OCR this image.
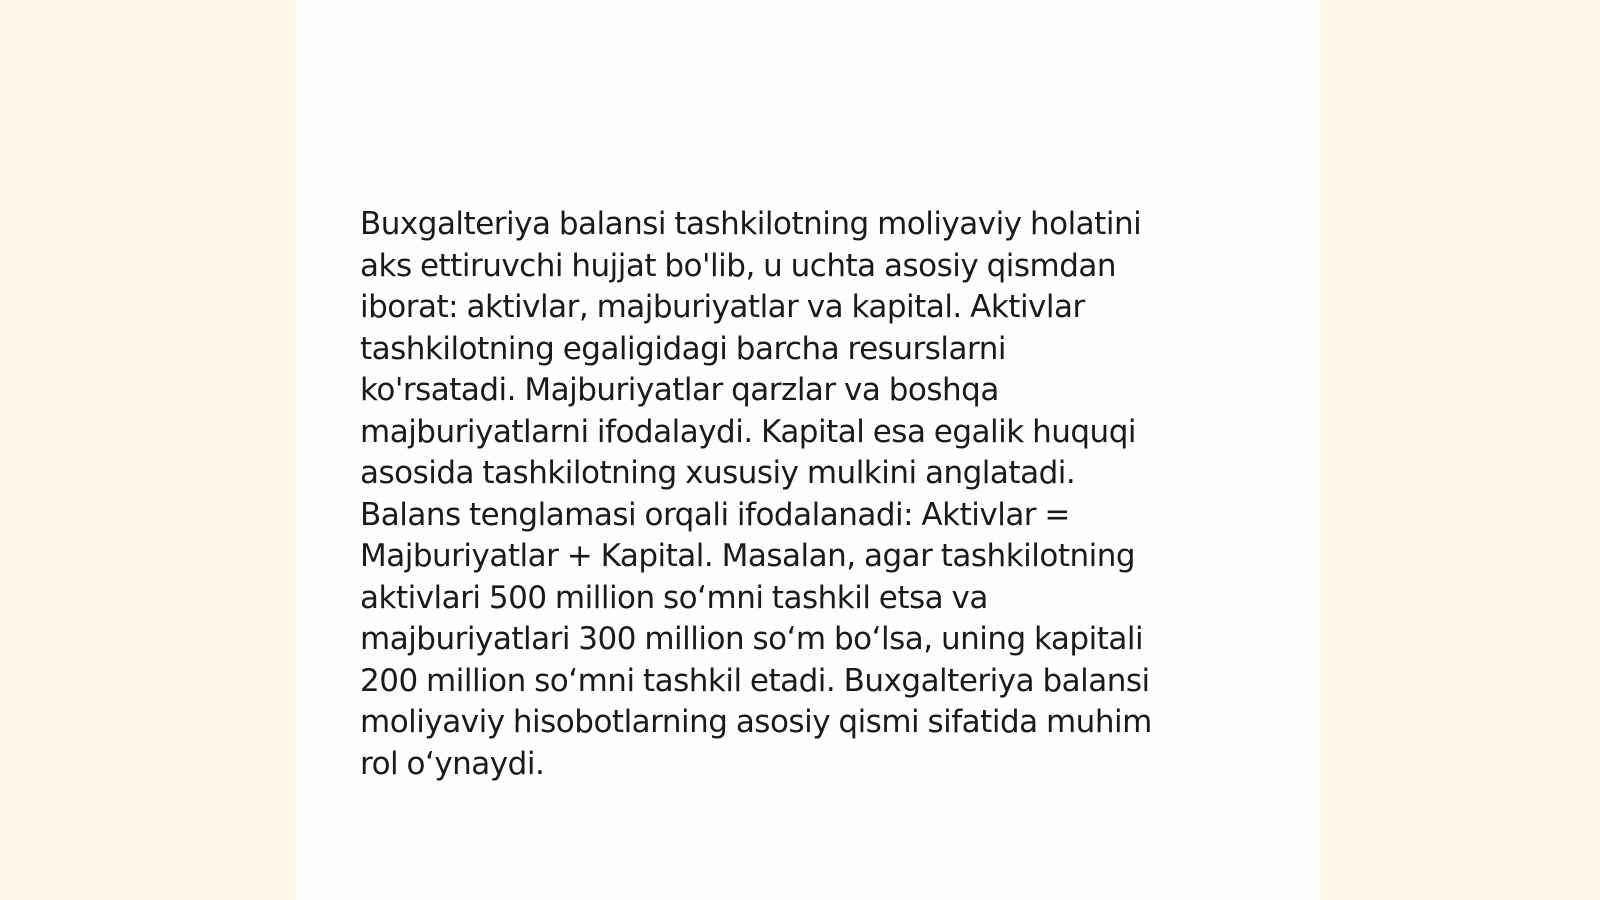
Buxgalteriya balansi tashkilotning moliyaviy holatini
aks ettiruvchi hujjat bo'lib, u uchta asosiy qismdan
iborat: aktivlar, majburiyatlar va kapital. Aktivlar
tashkilotning egaligidagi barcha resurslarni
ko'rsatadi. Majburiyatlar qarzlar va boshqa
majburiyatlarni ifodalaydi. Kapital esa egalik huquqi
asosida tashkilotning xususiy mulkini anglatadi.
Balans tenglamasi orqali ifodalanadi: Aktivlar =
Majburiyatlar + Kapital. Masalan, agar tashkilotning
aktivlari 500 million so‘mni tashkil etsa va
majburiyatlari 300 million so‘m bo‘lsa, uning kapitali
200 million so‘mni tashkil etadi. Buxgalteriya balansi
moliyaviy hisobotlarning asosiy qismi sifatida muhim
rol o‘ynaydi.
